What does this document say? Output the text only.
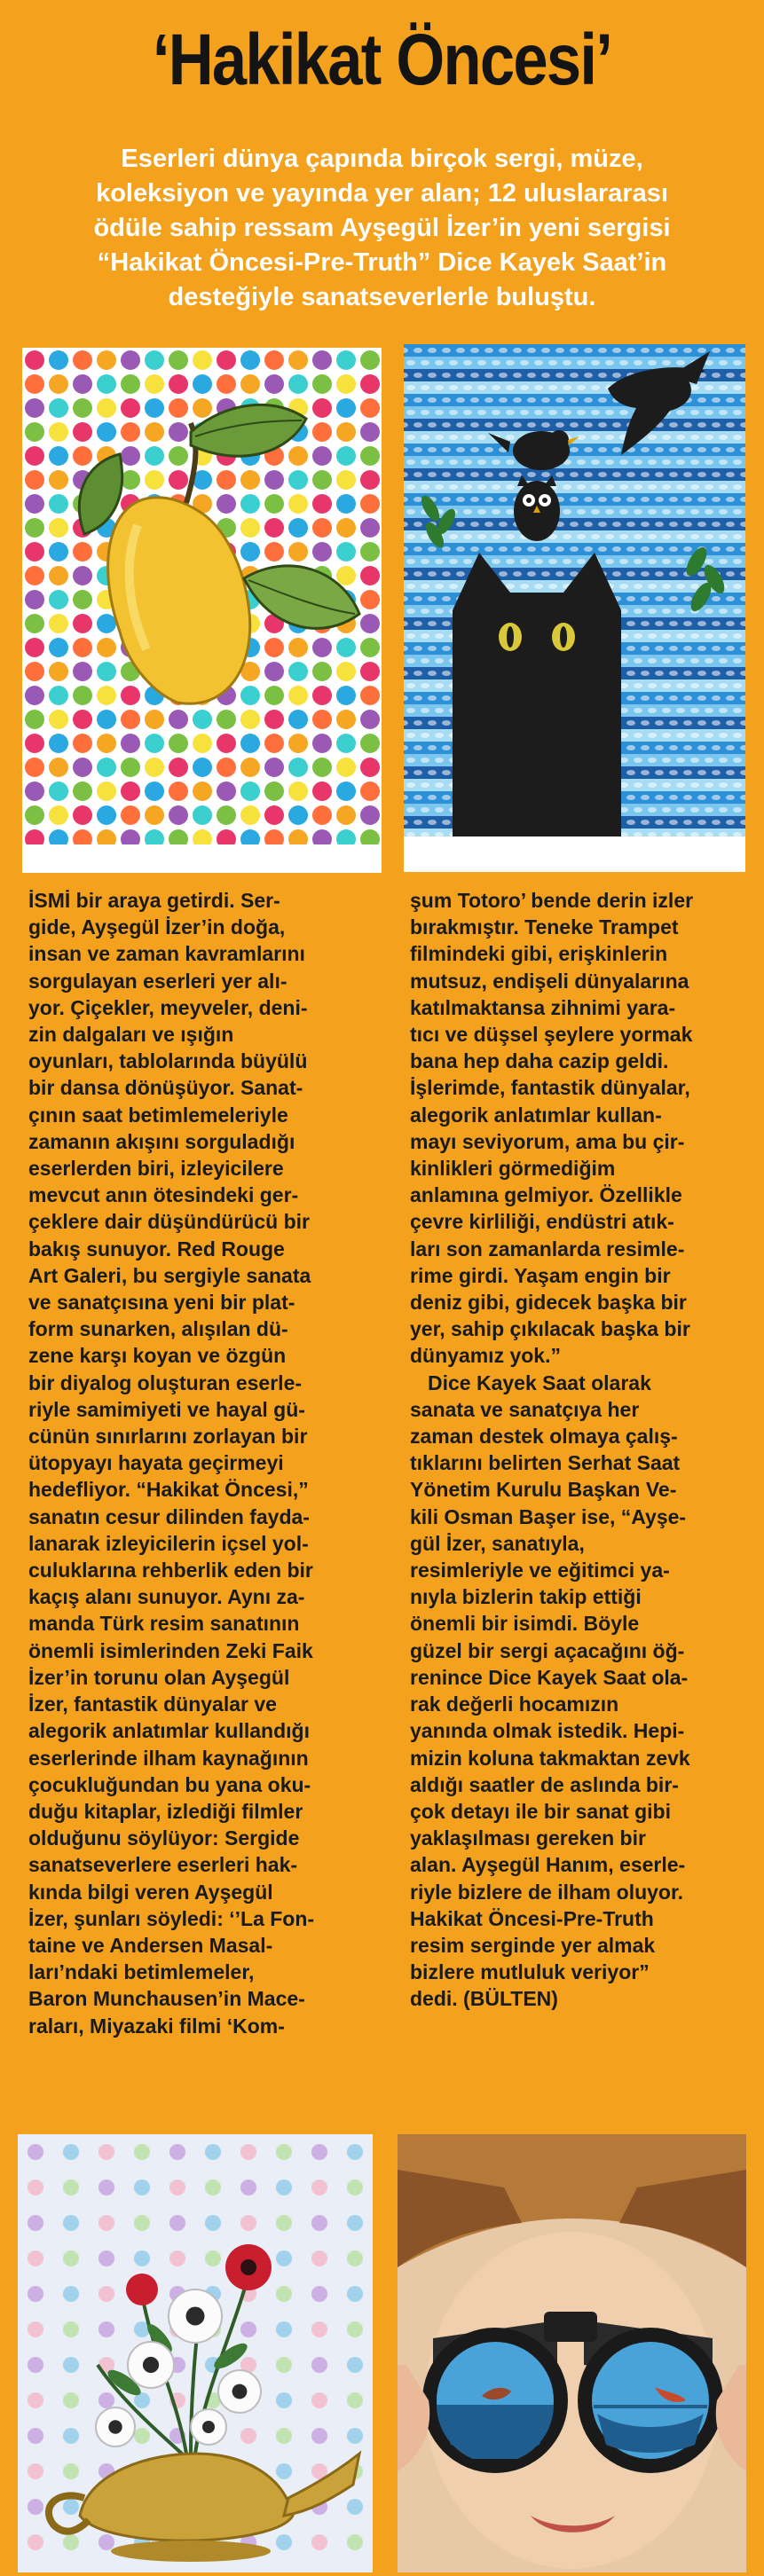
‘Hakikat Öncesi’
Eserleri dünya çapında birçok sergi, müze,
koleksiyon ve yayında yer alan; 12 uluslararası
ödüle sahip ressam Ayşegül İzer’in yeni sergisi
“Hakikat Öncesi-Pre-Truth” Dice Kayek Saat’in
desteğiyle sanatseverlerle buluştu.
İSMİ bir araya getirdi. Ser-
gide, Ayşegül İzer’in doğa,
insan ve zaman kavramlarını
sorgulayan eserleri yer alı-
yor. Çiçekler, meyveler, deni-
zin dalgaları ve ışığın
oyunları, tablolarında büyülü
bir dansa dönüşüyor. Sanat-
çının saat betimlemeleriyle
zamanın akışını sorguladığı
eserlerden biri, izleyicilere
mevcut anın ötesindeki ger-
çeklere dair düşündürücü bir
bakış sunuyor. Red Rouge
Art Galeri, bu sergiyle sanata
ve sanatçısına yeni bir plat-
form sunarken, alışılan dü-
zene karşı koyan ve özgün
bir diyalog oluşturan eserle-
riyle samimiyeti ve hayal gü-
cünün sınırlarını zorlayan bir
ütopyayı hayata geçirmeyi
hedefliyor. “Hakikat Öncesi,”
sanatın cesur dilinden fayda-
lanarak izleyicilerin içsel yol-
culuklarına rehberlik eden bir
kaçış alanı sunuyor. Aynı za-
manda Türk resim sanatının
önemli isimlerinden Zeki Faik
İzer’in torunu olan Ayşegül
İzer, fantastik dünyalar ve
alegorik anlatımlar kullandığı
eserlerinde ilham kaynağının
çocukluğundan bu yana oku-
duğu kitaplar, izlediği filmler
olduğunu söylüyor: Sergide
sanatseverlere eserleri hak-
kında bilgi veren Ayşegül
İzer, şunları söyledi: ‘’La Fon-
taine ve Andersen Masal-
ları’ndaki betimlemeler,
Baron Munchausen’in Mace-
raları, Miyazaki filmi ‘Kom-
şum Totoro’ bende derin izler
bırakmıştır. Teneke Trampet
filmindeki gibi, erişkinlerin
mutsuz, endişeli dünyalarına
katılmaktansa zihnimi yara-
tıcı ve düşsel şeylere yormak
bana hep daha cazip geldi.
İşlerimde, fantastik dünyalar,
alegorik anlatımlar kullan-
mayı seviyorum, ama bu çir-
kinlikleri görmediğim
anlamına gelmiyor. Özellikle
çevre kirliliği, endüstri atık-
ları son zamanlarda resimle-
rime girdi. Yaşam engin bir
deniz gibi, gidecek başka bir
yer, sahip çıkılacak başka bir
dünyamız yok.”
Dice Kayek Saat olarak
sanata ve sanatçıya her
zaman destek olmaya çalış-
tıklarını belirten Serhat Saat
Yönetim Kurulu Başkan Ve-
kili Osman Başer ise, “Ayşe-
gül İzer, sanatıyla,
resimleriyle ve eğitimci ya-
nıyla bizlerin takip ettiği
önemli bir isimdi. Böyle
güzel bir sergi açacağını öğ-
renince Dice Kayek Saat ola-
rak değerli hocamızın
yanında olmak istedik. Hepi-
mizin koluna takmaktan zevk
aldığı saatler de aslında bir-
çok detayı ile bir sanat gibi
yaklaşılması gereken bir
alan. Ayşegül Hanım, eserle-
riyle bizlere de ilham oluyor.
Hakikat Öncesi-Pre-Truth
resim serginde yer almak
bizlere mutluluk veriyor”
dedi. (BÜLTEN)
